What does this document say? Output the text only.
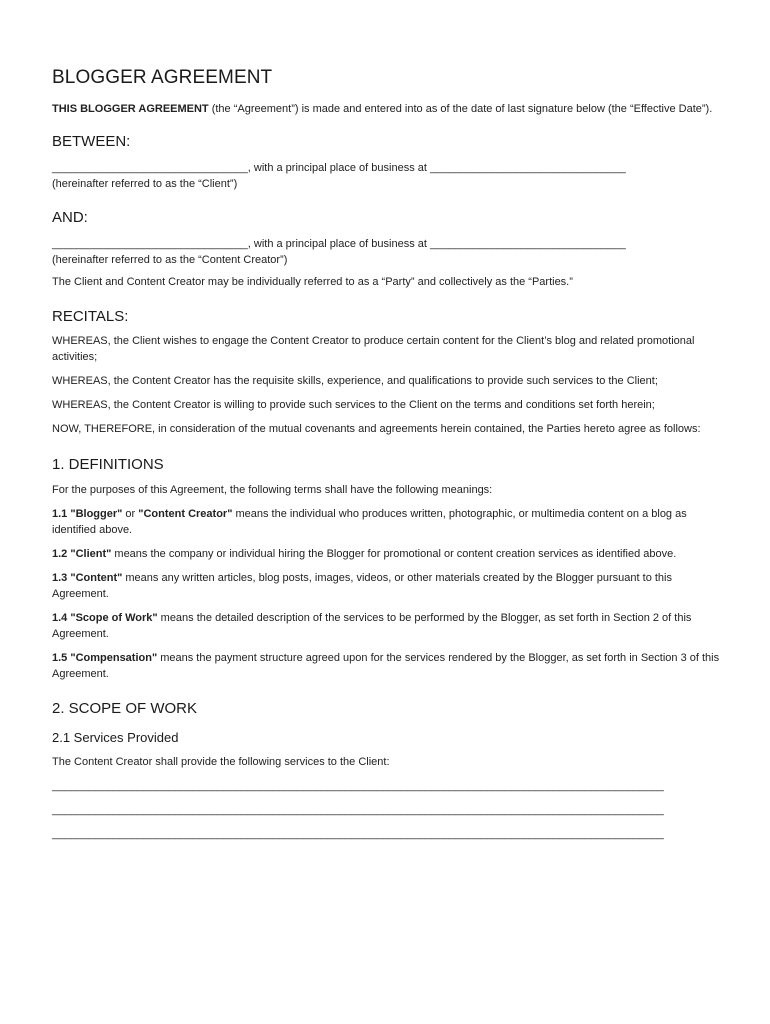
BLOGGER AGREEMENT

THIS BLOGGER AGREEMENT (the “Agreement”) is made and entered into as of the date of last signature below (the “Effective Date”).

BETWEEN:

________________________________, with a principal place of business at ________________________________

(hereinafter referred to as the “Client”)

AND:

________________________________, with a principal place of business at ________________________________

(hereinafter referred to as the “Content Creator”)

The Client and Content Creator may be individually referred to as a “Party” and collectively as the “Parties.”

RECITALS:

WHEREAS, the Client wishes to engage the Content Creator to produce certain content for the Client’s blog and related promotional activities;

WHEREAS, the Content Creator has the requisite skills, experience, and qualifications to provide such services to the Client;

WHEREAS, the Content Creator is willing to provide such services to the Client on the terms and conditions set forth herein;

NOW, THEREFORE, in consideration of the mutual covenants and agreements herein contained, the Parties hereto agree as follows:

1. DEFINITIONS

For the purposes of this Agreement, the following terms shall have the following meanings:

1.1 "Blogger" or "Content Creator" means the individual who produces written, photographic, or multimedia content on a blog as identified above.

1.2 "Client" means the company or individual hiring the Blogger for promotional or content creation services as identified above.

1.3 "Content" means any written articles, blog posts, images, videos, or other materials created by the Blogger pursuant to this Agreement.

1.4 "Scope of Work" means the detailed description of the services to be performed by the Blogger, as set forth in Section 2 of this Agreement.

1.5 "Compensation" means the payment structure agreed upon for the services rendered by the Blogger, as set forth in Section 3 of this Agreement.

2. SCOPE OF WORK
2.1 Services Provided

The Content Creator shall provide the following services to the Client:

____________________________________________________________________________________________________

____________________________________________________________________________________________________

____________________________________________________________________________________________________
